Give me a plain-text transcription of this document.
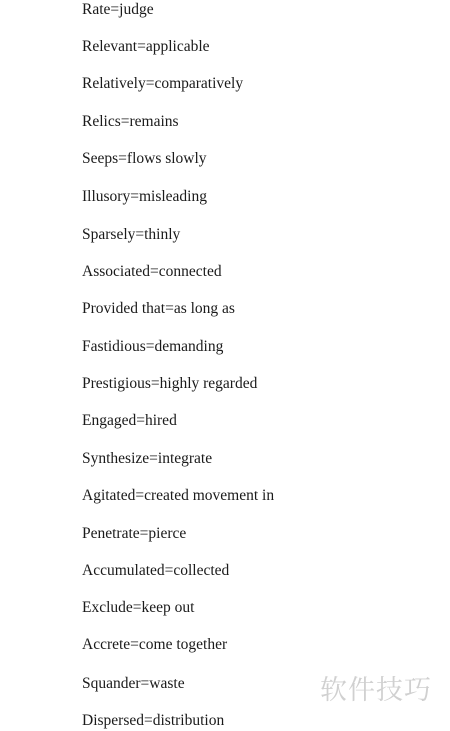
Rate=judge
Relevant=applicable
Relatively=comparatively
Relics=remains
Seeps=flows slowly
Illusory=misleading
Sparsely=thinly
Associated=connected
Provided that=as long as
Fastidious=demanding
Prestigious=highly regarded
Engaged=hired
Synthesize=integrate
Agitated=created movement in
Penetrate=pierce
Accumulated=collected
Exclude=keep out
Accrete=come together
Squander=waste
Dispersed=distribution
软件技巧
